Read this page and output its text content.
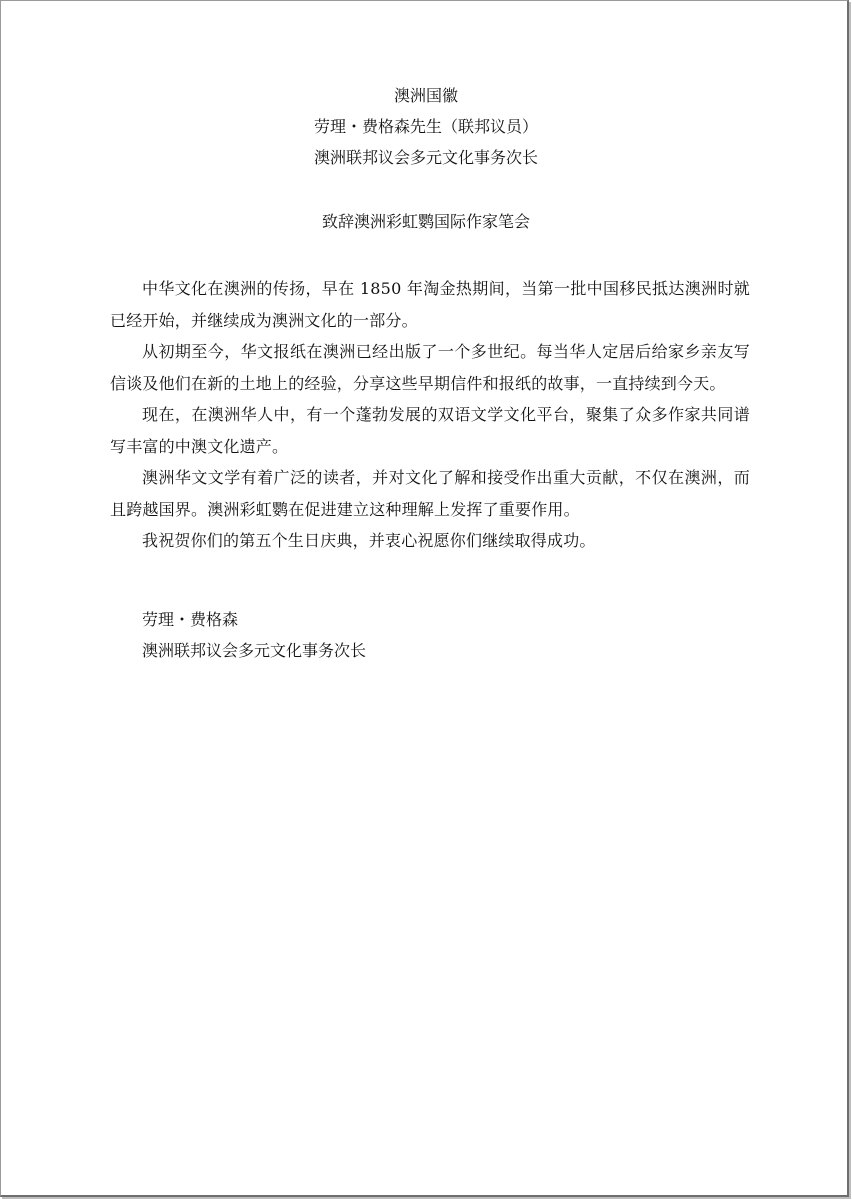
澳洲国徽
劳理・费格森先生（联邦议员）
澳洲联邦议会多元文化事务次长
致辞澳洲彩虹鹦国际作家笔会

中华文化在澳洲的传扬，早在 1850 年淘金热期间，当第一批中国移民抵达澳洲时就已经开始，并继续成为澳洲文化的一部分。

从初期至今，华文报纸在澳洲已经出版了一个多世纪。每当华人定居后给家乡亲友写信谈及他们在新的土地上的经验，分享这些早期信件和报纸的故事，一直持续到今天。

现在，在澳洲华人中，有一个蓬勃发展的双语文学文化平台，聚集了众多作家共同谱写丰富的中澳文化遗产。

澳洲华文文学有着广泛的读者，并对文化了解和接受作出重大贡献，不仅在澳洲，而且跨越国界。澳洲彩虹鹦在促进建立这种理解上发挥了重要作用。

我祝贺你们的第五个生日庆典，并衷心祝愿你们继续取得成功。

劳理・费格森
澳洲联邦议会多元文化事务次长
